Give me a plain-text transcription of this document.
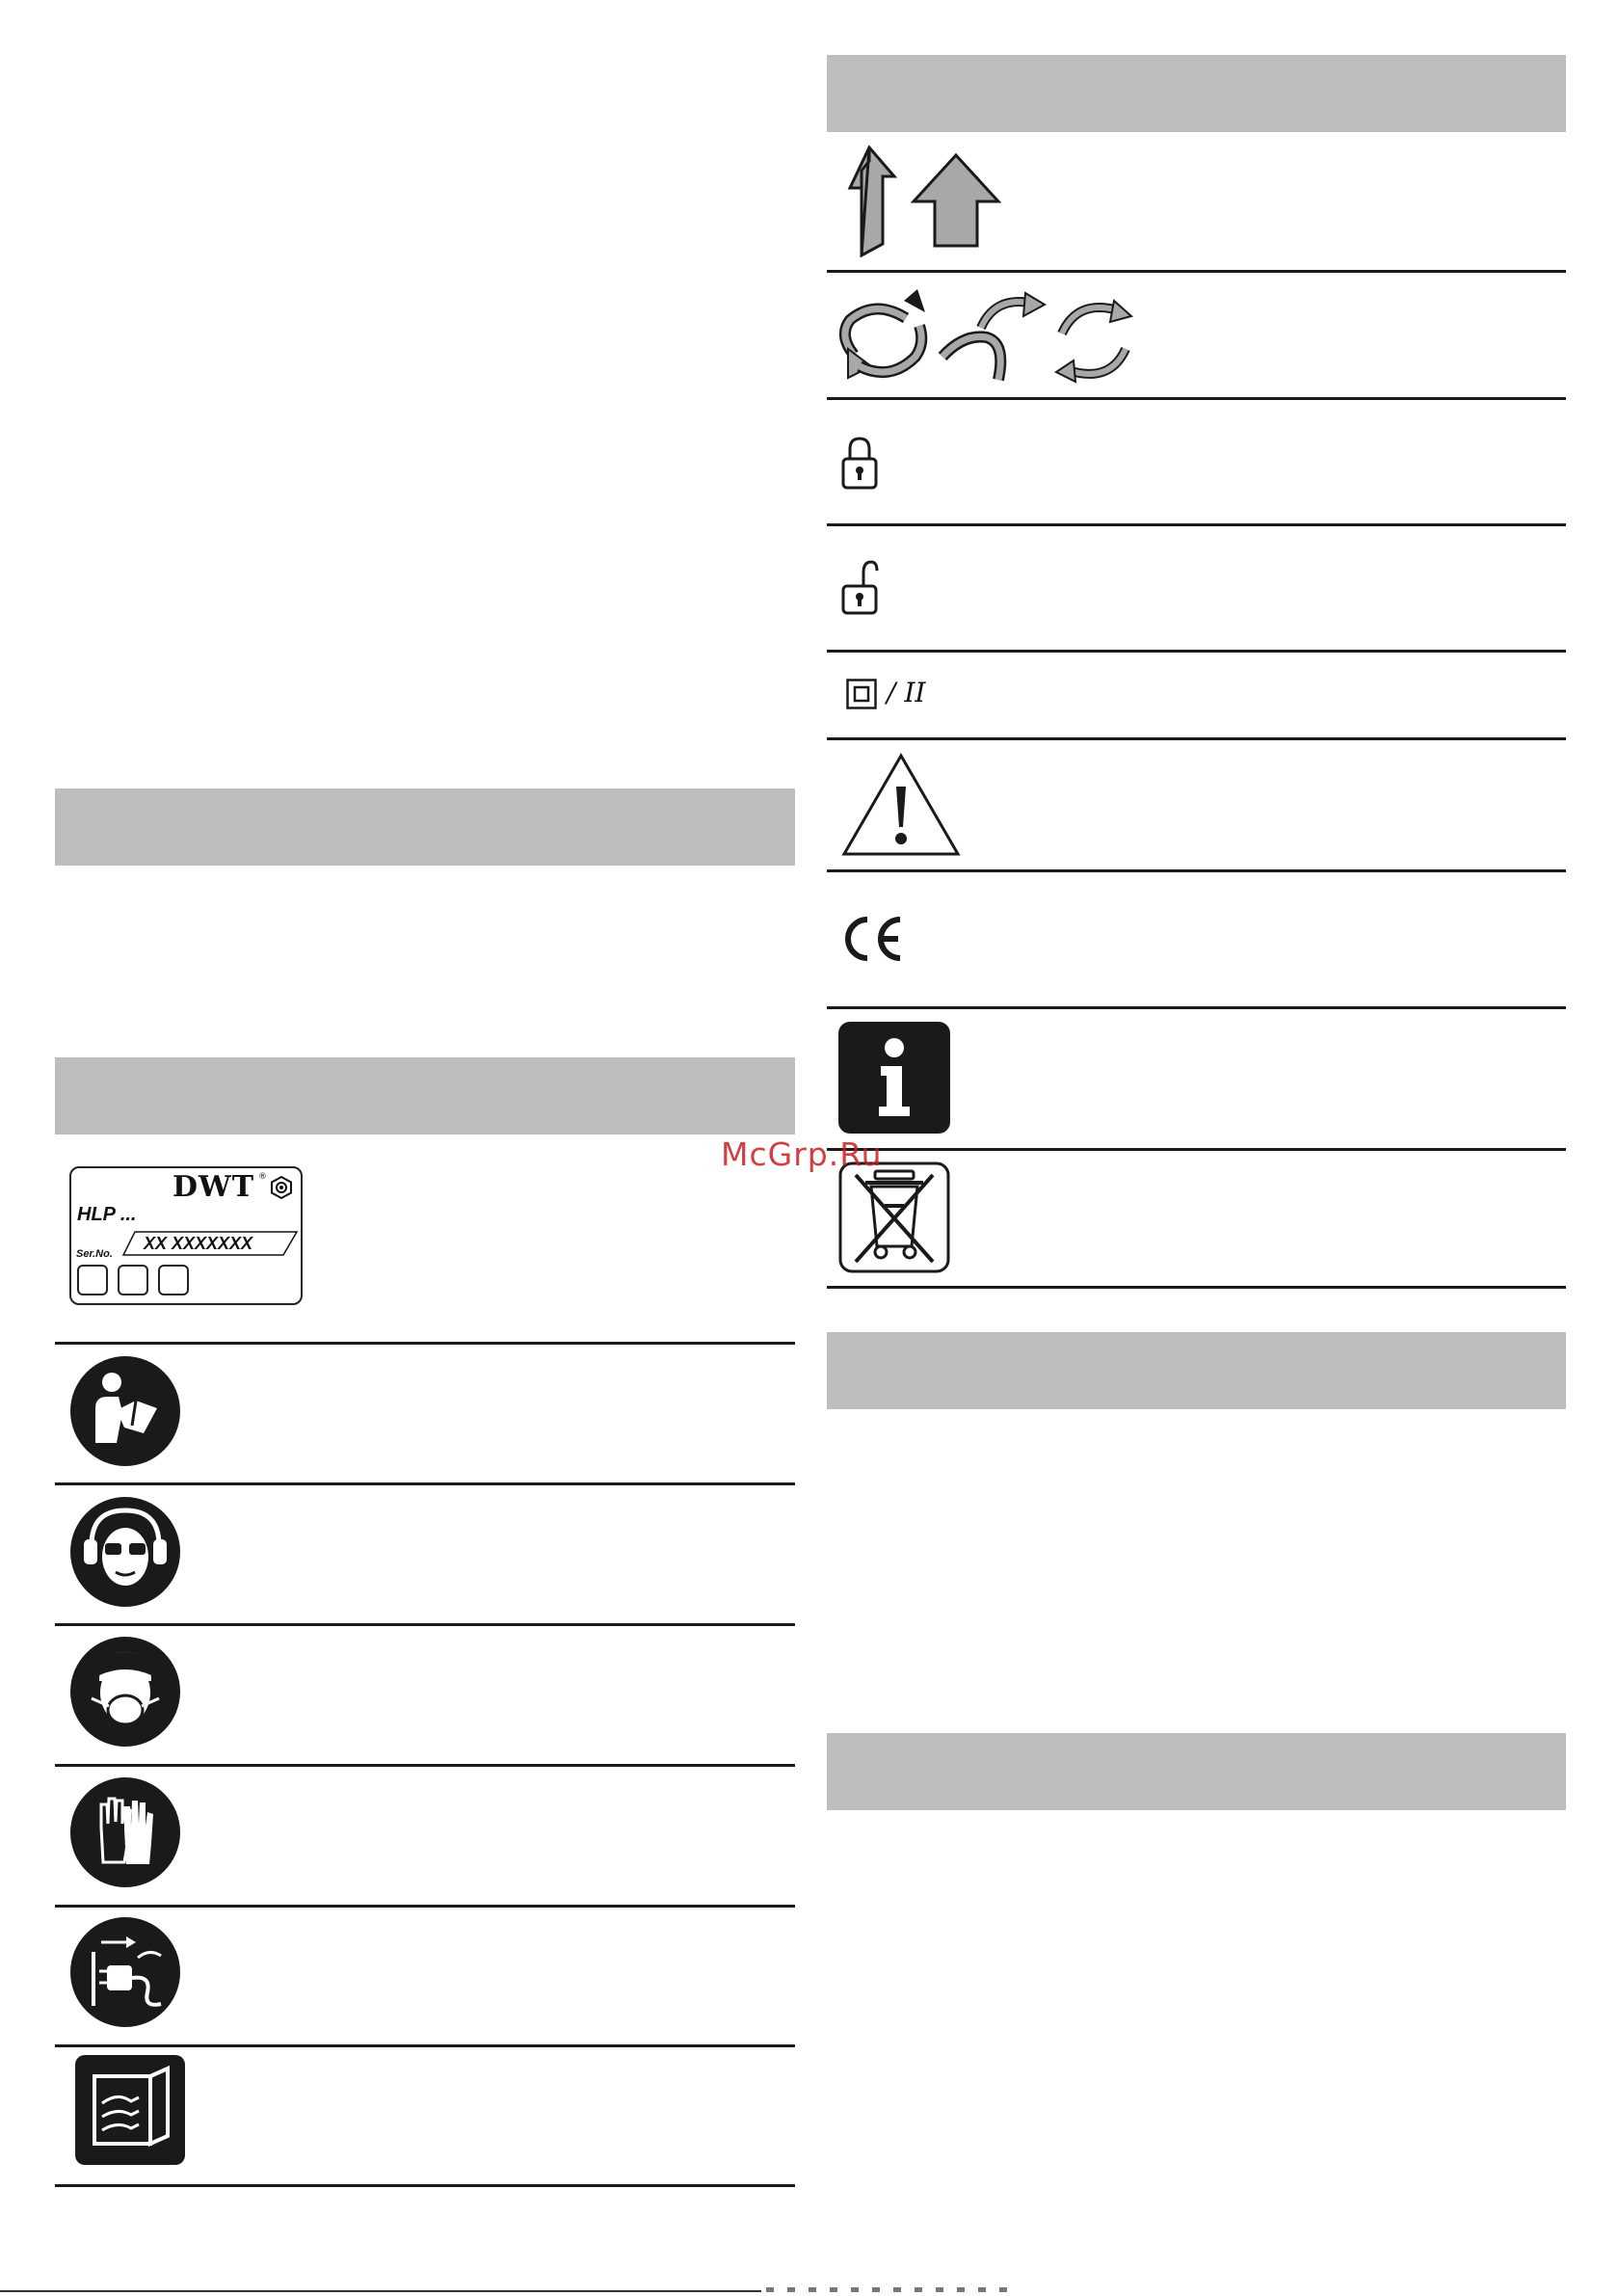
DWT ®
HLP ...
Ser.No.
XX XXXXXXX
/ II
McGrp.Ru
